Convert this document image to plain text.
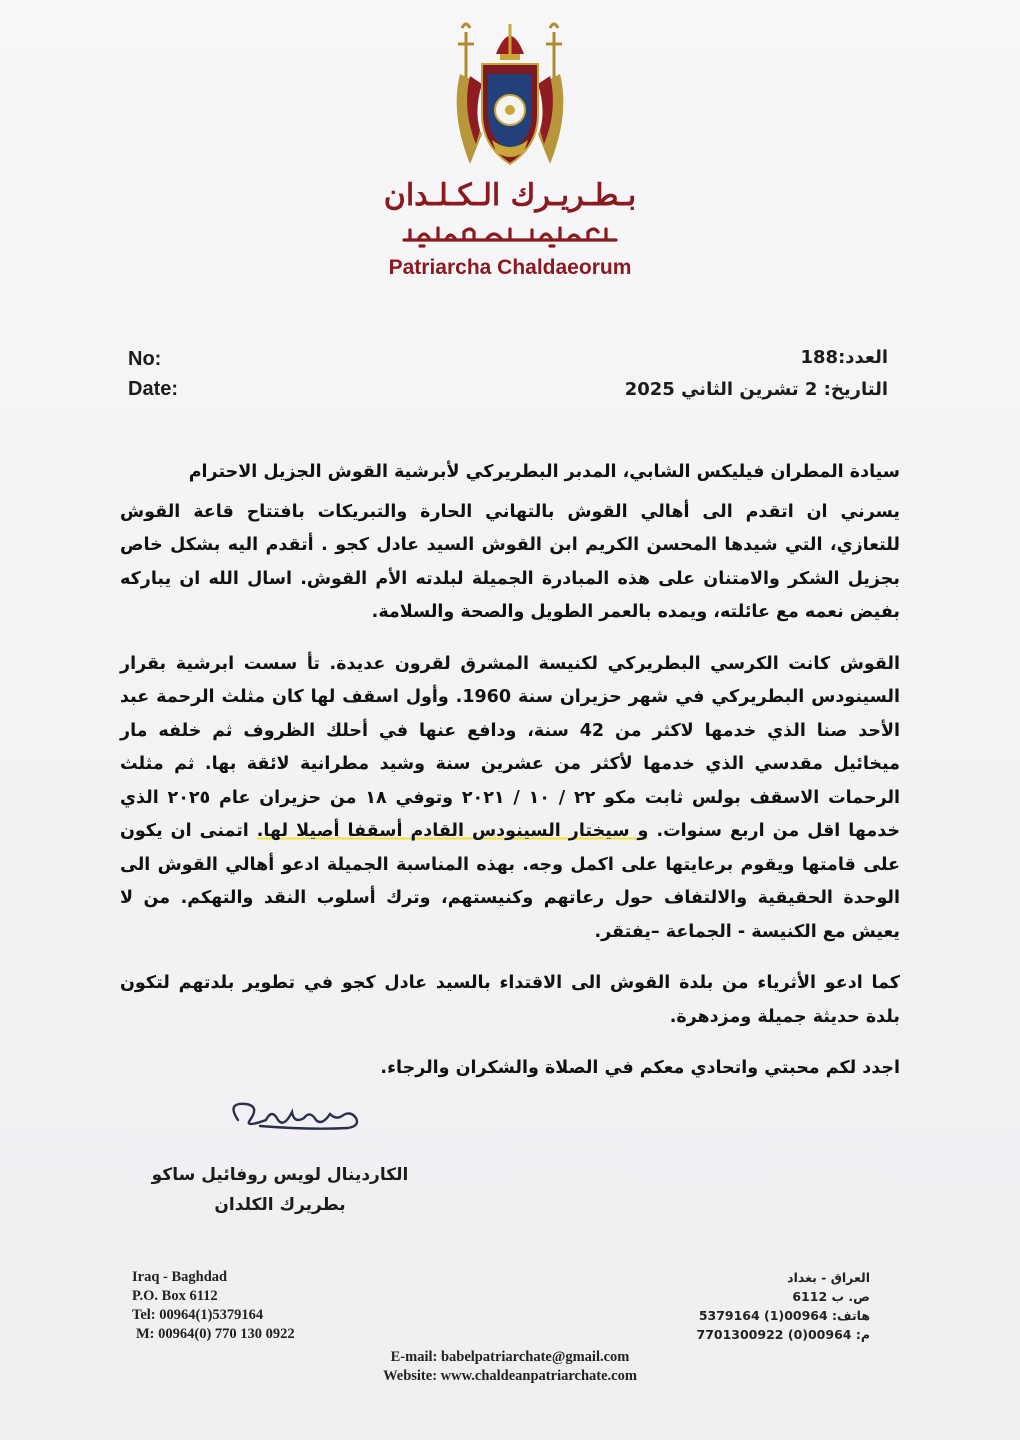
بـطـريـرك الـكـلـدان
Patriarcha Chaldaeorum
No:
Date:
العدد:188
التاريخ: 2 تشرين الثاني 2025

سيادة المطران فيليكس الشابي، المدبر البطريركي لأبرشية القوش الجزيل الاحترام

يسرني ان اتقدم الى أهالي القوش بالتهاني الحارة والتبريكات بافتتاح قاعة القوش للتعازي، التي شيدها المحسن الكريم ابن القوش السيد عادل كجو . أتقدم اليه بشكل خاص بجزيل الشكر والامتنان على هذه المبادرة الجميلة لبلدته الأم القوش. اسال الله ان يباركه بفيض نعمه مع عائلته، ويمده بالعمر الطويل والصحة والسلامة.

القوش كانت الكرسي البطريركي لكنيسة المشرق لقرون عديدة. تأ سست ابرشية بقرار السينودس البطريركي في شهر حزيران سنة 1960. وأول اسقف لها كان مثلث الرحمة عبد الأحد صنا الذي خدمها لاكثر من 42 سنة، ودافع عنها في أحلك الظروف ثم خلفه مار ميخائيل مقدسي الذي خدمها لأكثر من عشرين سنة وشيد مطرانية لائقة بها. ثم مثلث الرحمات الاسقف بولس ثابت مكو ٢٢ / ١٠ / ٢٠٢١ وتوفي ١٨ من حزيران عام ٢٠٢٥ الذي خدمها اقل من اربع سنوات. و سيختار السينودس القادم أسقفا أصيلا لها. اتمنى ان يكون على قامتها ويقوم برعايتها على اكمل وجه. بهذه المناسبة الجميلة ادعو أهالي القوش الى الوحدة الحقيقية والالتفاف حول رعاتهم وكنيستهم، وترك أسلوب النقد والتهكم. من لا يعيش مع الكنيسة - الجماعة –يفتقر.

كما ادعو الأثرياء من بلدة القوش الى الاقتداء بالسيد عادل كجو في تطوير بلدتهم لتكون بلدة حديثة جميلة ومزدهرة.

اجدد لكم محبتي واتحادي معكم في الصلاة والشكران والرجاء.

الكاردينال لويس روفائيل ساكو
بطريرك الكلدان
Iraq - Baghdad
P.O. Box 6112
Tel: 00964(1)5379164
M: 00964(0) 770 130 0922
العراق - بغداد
ص. ب 6112
هاتف: 00964(1) 5379164
م: 00964(0) 7701300922
E-mail: babelpatriarchate@gmail.com
Website: www.chaldeanpatriarchate.com
